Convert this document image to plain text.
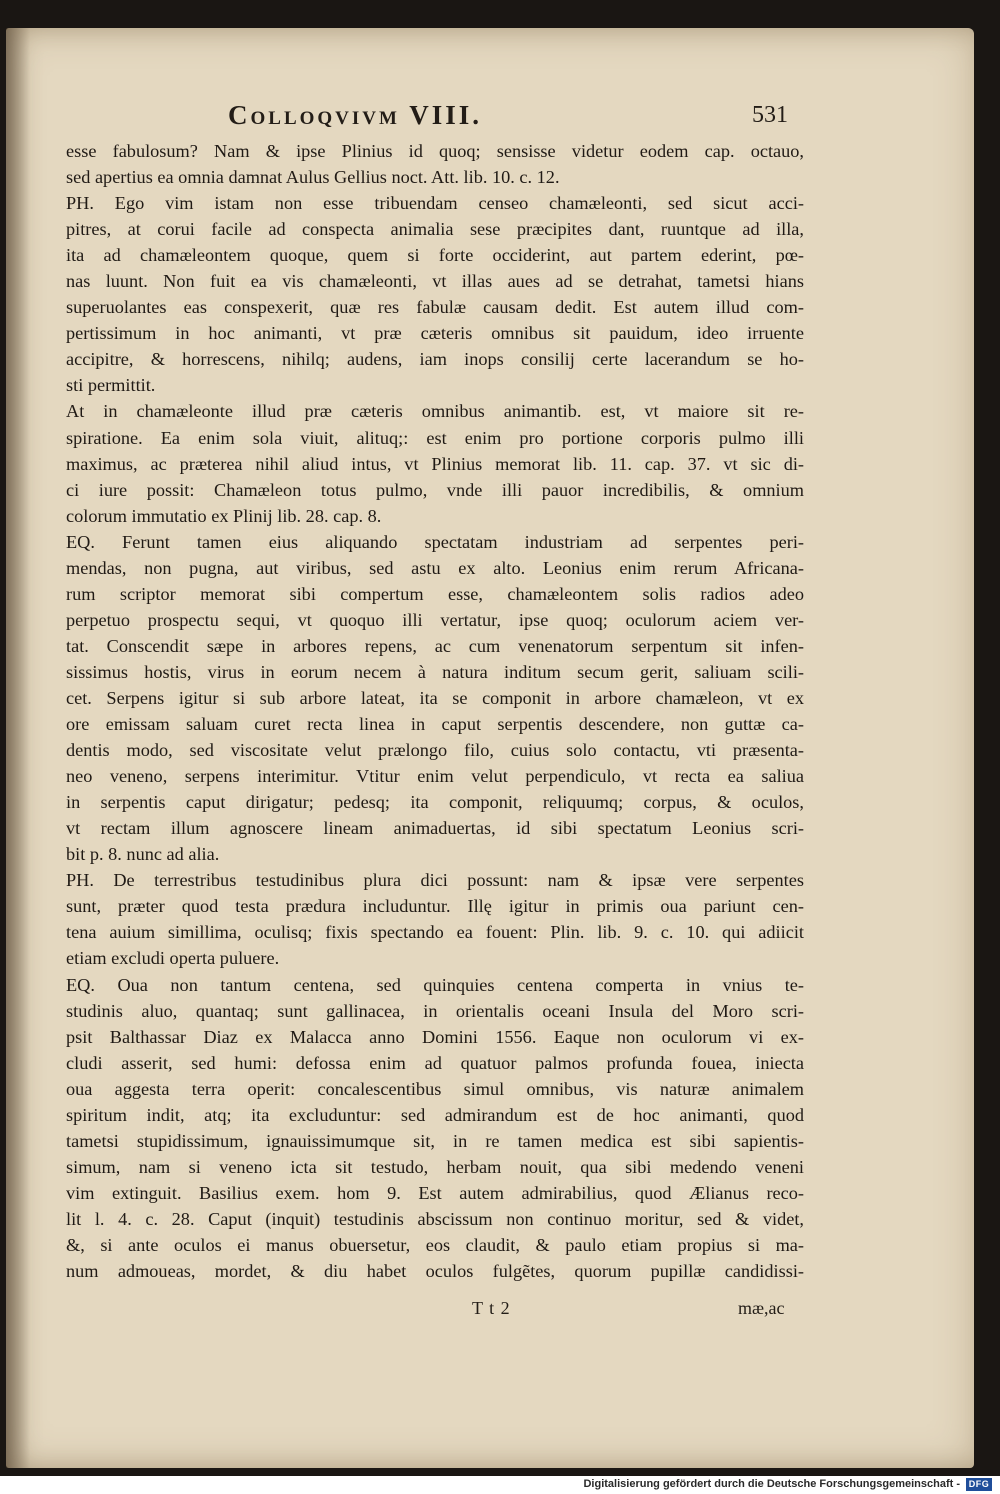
Colloqvivm VIII.	531
esse fabulosum? Nam & ipse Plinius id quoq; sensisse videtur eodem cap. octauo,
sed apertius ea omnia damnat Aulus Gellius noct. Att. lib. 10. c. 12.
PH. Ego vim istam non esse tribuendam censeo chamæleonti, sed sicut acci-
pitres, at corui facile ad conspecta animalia sese præcipites dant, ruuntque ad illa,
ita ad chamæleontem quoque, quem si forte occiderint, aut partem ederint, pœ-
nas luunt. Non fuit ea vis chamæleonti, vt illas aues ad se detrahat, tametsi hians
superuolantes eas conspexerit, quæ res fabulæ causam dedit. Est autem illud com-
pertissimum in hoc animanti, vt præ cæteris omnibus sit pauidum, ideo irruente
accipitre, & horrescens, nihilq; audens, iam inops consilij certe lacerandum se ho-
sti permittit.
At in chamæleonte illud præ cæteris omnibus animantib. est, vt maiore sit re-
spiratione. Ea enim sola viuit, alituq;: est enim pro portione corporis pulmo illi
maximus, ac præterea nihil aliud intus, vt Plinius memorat lib. 11. cap. 37. vt sic di-
ci iure possit: Chamæleon totus pulmo, vnde illi pauor incredibilis, & omnium
colorum immutatio ex Plinij lib. 28. cap. 8.
EQ. Ferunt tamen eius aliquando spectatam industriam ad serpentes peri-
mendas, non pugna, aut viribus, sed astu ex alto. Leonius enim rerum Africana-
rum scriptor memorat sibi compertum esse, chamæleontem solis radios adeo
perpetuo prospectu sequi, vt quoquo illi vertatur, ipse quoq; oculorum aciem ver-
tat. Conscendit sæpe in arbores repens, ac cum venenatorum serpentum sit infen-
sissimus hostis, virus in eorum necem à natura inditum secum gerit, saliuam scili-
cet. Serpens igitur si sub arbore lateat, ita se componit in arbore chamæleon, vt ex
ore emissam saluam curet recta linea in caput serpentis descendere, non guttæ ca-
dentis modo, sed viscositate velut prælongo filo, cuius solo contactu, vti præsenta-
neo veneno, serpens interimitur. Vtitur enim velut perpendiculo, vt recta ea saliua
in serpentis caput dirigatur; pedesq; ita componit, reliquumq; corpus, & oculos,
vt rectam illum agnoscere lineam animaduertas, id sibi spectatum Leonius scri-
bit p. 8. nunc ad alia.
PH. De terrestribus testudinibus plura dici possunt: nam & ipsæ vere serpentes
sunt, præter quod testa prædura includuntur. Illę igitur in primis oua pariunt cen-
tena auium simillima, oculisq; fixis spectando ea fouent: Plin. lib. 9. c. 10. qui adiicit
etiam excludi operta puluere.
EQ. Oua non tantum centena, sed quinquies centena comperta in vnius te-
studinis aluo, quantaq; sunt gallinacea, in orientalis oceani Insula del Moro scri-
psit Balthassar Diaz ex Malacca anno Domini 1556. Eaque non oculorum vi ex-
cludi asserit, sed humi: defossa enim ad quatuor palmos profunda fouea, iniecta
oua aggesta terra operit: concalescentibus simul omnibus, vis naturæ animalem
spiritum indit, atq; ita excluduntur: sed admirandum est de hoc animanti, quod
tametsi stupidissimum, ignauissimumque sit, in re tamen medica est sibi sapientis-
simum, nam si veneno icta sit testudo, herbam nouit, qua sibi medendo veneni
vim extinguit. Basilius exem. hom 9. Est autem admirabilius, quod Ælianus reco-
lit l. 4. c. 28. Caput (inquit) testudinis abscissum non continuo moritur, sed & videt,
&, si ante oculos ei manus obuersetur, eos claudit, & paulo etiam propius si ma-
num admoueas, mordet, & diu habet oculos fulgẽtes, quorum pupillæ candidissi-
T t 2	mæ,ac
Digitalisierung gefördert durch die Deutsche Forschungsgemeinschaft - DFG
